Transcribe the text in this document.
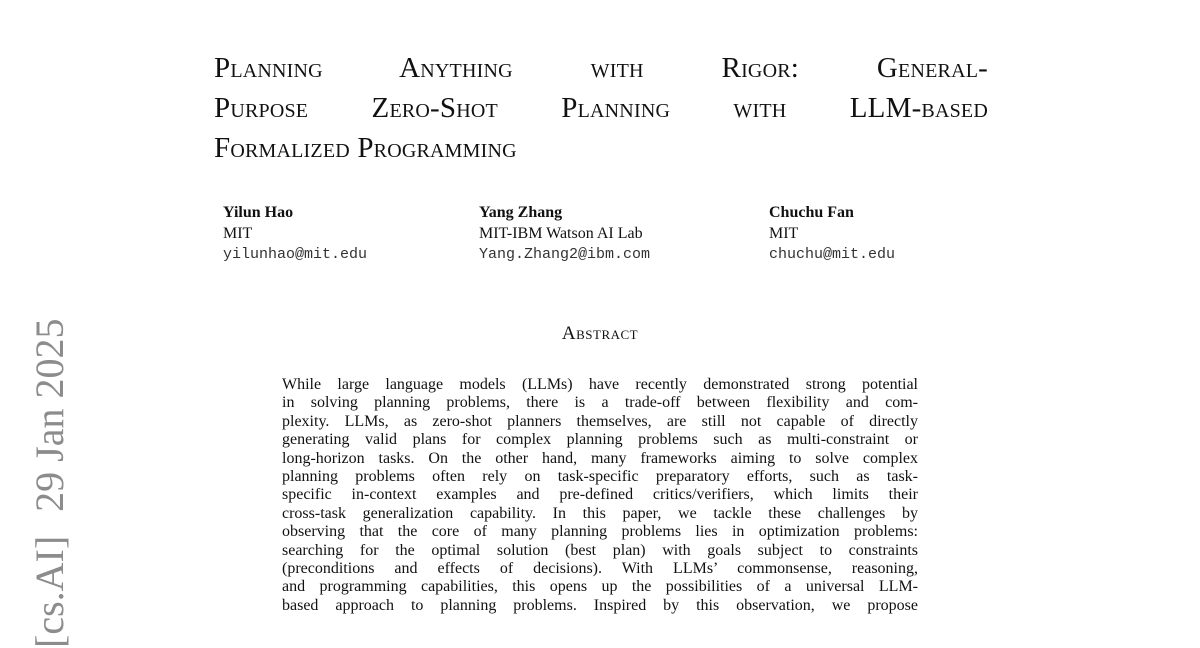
[cs.AI]29 Jan 2025
Planning Anything with Rigor: General-
Purpose Zero-Shot Planning with LLM-based
Formalized Programming
Yilun Hao
MIT
yilunhao@mit.edu
Yang Zhang
MIT-IBM Watson AI Lab
Yang.Zhang2@ibm.com
Chuchu Fan
MIT
chuchu@mit.edu
Abstract
While large language models (LLMs) have recently demonstrated strong potential
in solving planning problems, there is a trade-off between flexibility and com-
plexity. LLMs, as zero-shot planners themselves, are still not capable of directly
generating valid plans for complex planning problems such as multi-constraint or
long-horizon tasks. On the other hand, many frameworks aiming to solve complex
planning problems often rely on task-specific preparatory efforts, such as task-
specific in-context examples and pre-defined critics/verifiers, which limits their
cross-task generalization capability. In this paper, we tackle these challenges by
observing that the core of many planning problems lies in optimization problems:
searching for the optimal solution (best plan) with goals subject to constraints
(preconditions and effects of decisions). With LLMs’ commonsense, reasoning,
and programming capabilities, this opens up the possibilities of a universal LLM-
based approach to planning problems. Inspired by this observation, we propose
